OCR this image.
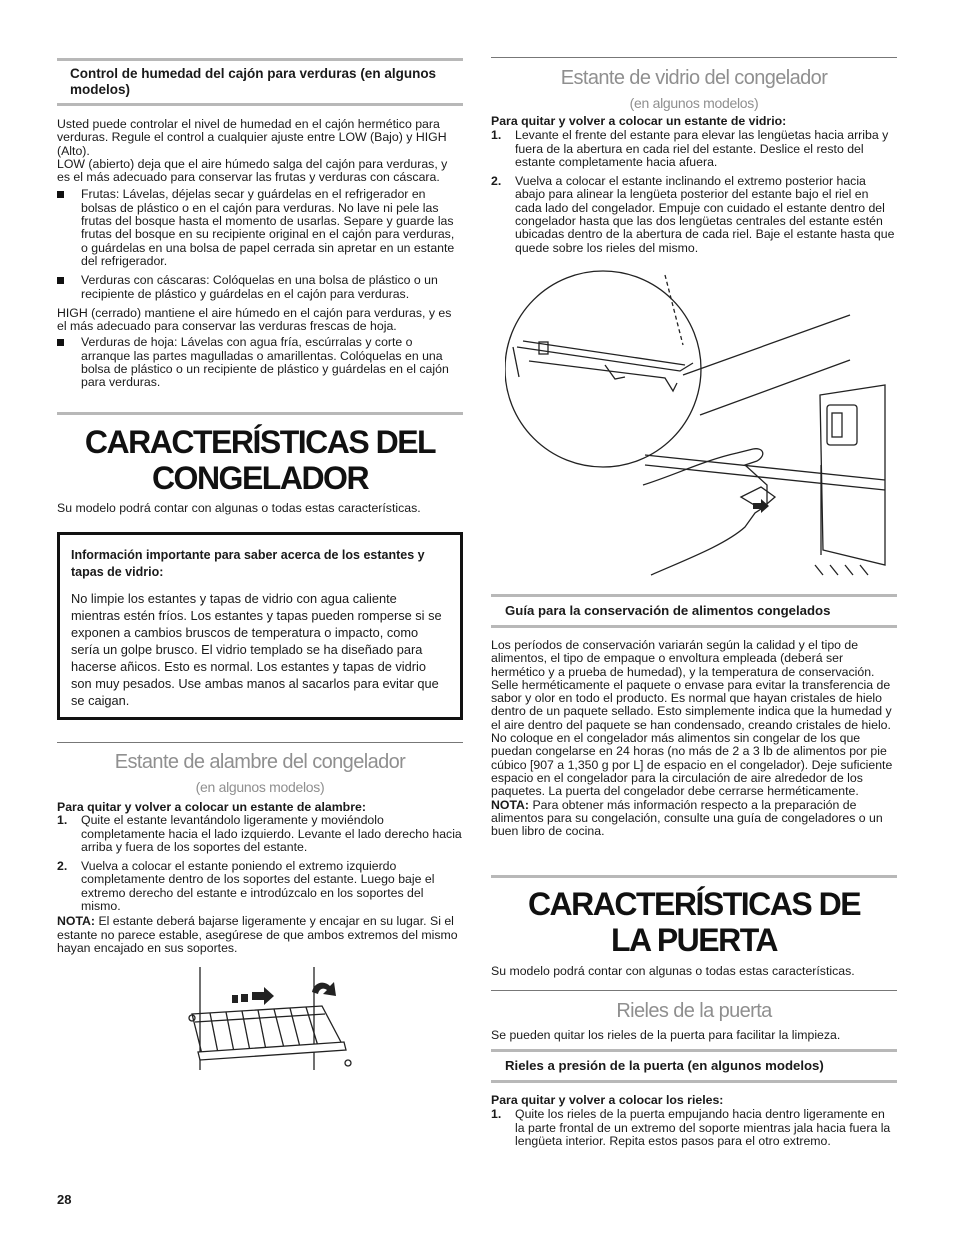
Control de humedad del cajón para verduras (en algunos modelos)

Usted puede controlar el nivel de humedad en el cajón hermético para verduras. Regule el control a cualquier ajuste entre LOW (Bajo) y HIGH (Alto).

LOW (abierto) deja que el aire húmedo salga del cajón para verduras, y es el más adecuado para conservar las frutas y verduras con cáscara.

Frutas: Lávelas, déjelas secar y guárdelas en el refrigerador en bolsas de plástico o en el cajón para verduras. No lave ni pele las frutas del bosque hasta el momento de usarlas. Separe y guarde las frutas del bosque en su recipiente original en el cajón para verduras, o guárdelas en una bolsa de papel cerrada sin apretar en un estante del refrigerador.
Verduras con cáscaras: Colóquelas en una bolsa de plástico o un recipiente de plástico y guárdelas en el cajón para verduras.

HIGH (cerrado) mantiene el aire húmedo en el cajón para verduras, y es el más adecuado para conservar las verduras frescas de hoja.

Verduras de hoja: Lávelas con agua fría, escúrralas y corte o arranque las partes magulladas o amarillentas. Colóquelas en una bolsa de plástico o un recipiente de plástico y guárdelas en el cajón para verduras.
CARACTERÍSTICAS DEL
CONGELADOR

Su modelo podrá contar con algunas o todas estas características.

Información importante para saber acerca de los estantes y tapas de vidrio:
No limpie los estantes y tapas de vidrio con agua caliente mientras estén fríos. Los estantes y tapas pueden romperse si se exponen a cambios bruscos de temperatura o impacto, como sería un golpe brusco. El vidrio templado se ha diseñado para hacerse añicos. Esto es normal. Los estantes y tapas de vidrio son muy pesados. Use ambas manos al sacarlos para evitar que se caigan.
Estante de alambre del congelador
(en algunos modelos)

Para quitar y volver a colocar un estante de alambre:

1. Quite el estante levantándolo ligeramente y moviéndolo completamente hacia el lado izquierdo. Levante el lado derecho hacia arriba y fuera de los soportes del estante.
2. Vuelva a colocar el estante poniendo el extremo izquierdo completamente dentro de los soportes del estante. Luego baje el extremo derecho del estante e introdúzcalo en los soportes del mismo.

NOTA: El estante deberá bajarse ligeramente y encajar en su lugar. Si el estante no parece estable, asegúrese de que ambos extremos del mismo hayan encajado en sus soportes.

28
Estante de vidrio del congelador
(en algunos modelos)

Para quitar y volver a colocar un estante de vidrio:

1. Levante el frente del estante para elevar las lengüetas hacia arriba y fuera de la abertura en cada riel del estante. Deslice el resto del estante completamente hacia afuera.
2. Vuelva a colocar el estante inclinando el extremo posterior hacia abajo para alinear la lengüeta posterior del estante bajo el riel en cada lado del congelador. Empuje con cuidado el estante dentro del congelador hasta que las dos lengüetas centrales del estante estén ubicadas dentro de la abertura de cada riel. Baje el estante hasta que quede sobre los rieles del mismo.
Guía para la conservación de alimentos congelados

Los períodos de conservación variarán según la calidad y el tipo de alimentos, el tipo de empaque o envoltura empleada (deberá ser hermético y a prueba de humedad), y la temperatura de conservación. Selle herméticamente el paquete o envase para evitar la transferencia de sabor y olor en todo el producto. Es normal que hayan cristales de hielo dentro de un paquete sellado. Esto simplemente indica que la humedad y el aire dentro del paquete se han condensado, creando cristales de hielo.

No coloque en el congelador más alimentos sin congelar de los que puedan congelarse en 24 horas (no más de 2 a 3 lb de alimentos por pie cúbico [907 a 1,350 g por L] de espacio en el congelador). Deje suficiente espacio en el congelador para la circulación de aire alrededor de los paquetes. La puerta del congelador debe cerrarse herméticamente.

NOTA: Para obtener más información respecto a la preparación de alimentos para su congelación, consulte una guía de congeladores o un buen libro de cocina.

CARACTERÍSTICAS DE
LA PUERTA

Su modelo podrá contar con algunas o todas estas características.

Rieles de la puerta

Se pueden quitar los rieles de la puerta para facilitar la limpieza.

Rieles a presión de la puerta (en algunos modelos)

Para quitar y volver a colocar los rieles:

1. Quite los rieles de la puerta empujando hacia dentro ligeramente en la parte frontal de un extremo del soporte mientras jala hacia fuera la lengüeta interior. Repita estos pasos para el otro extremo.
